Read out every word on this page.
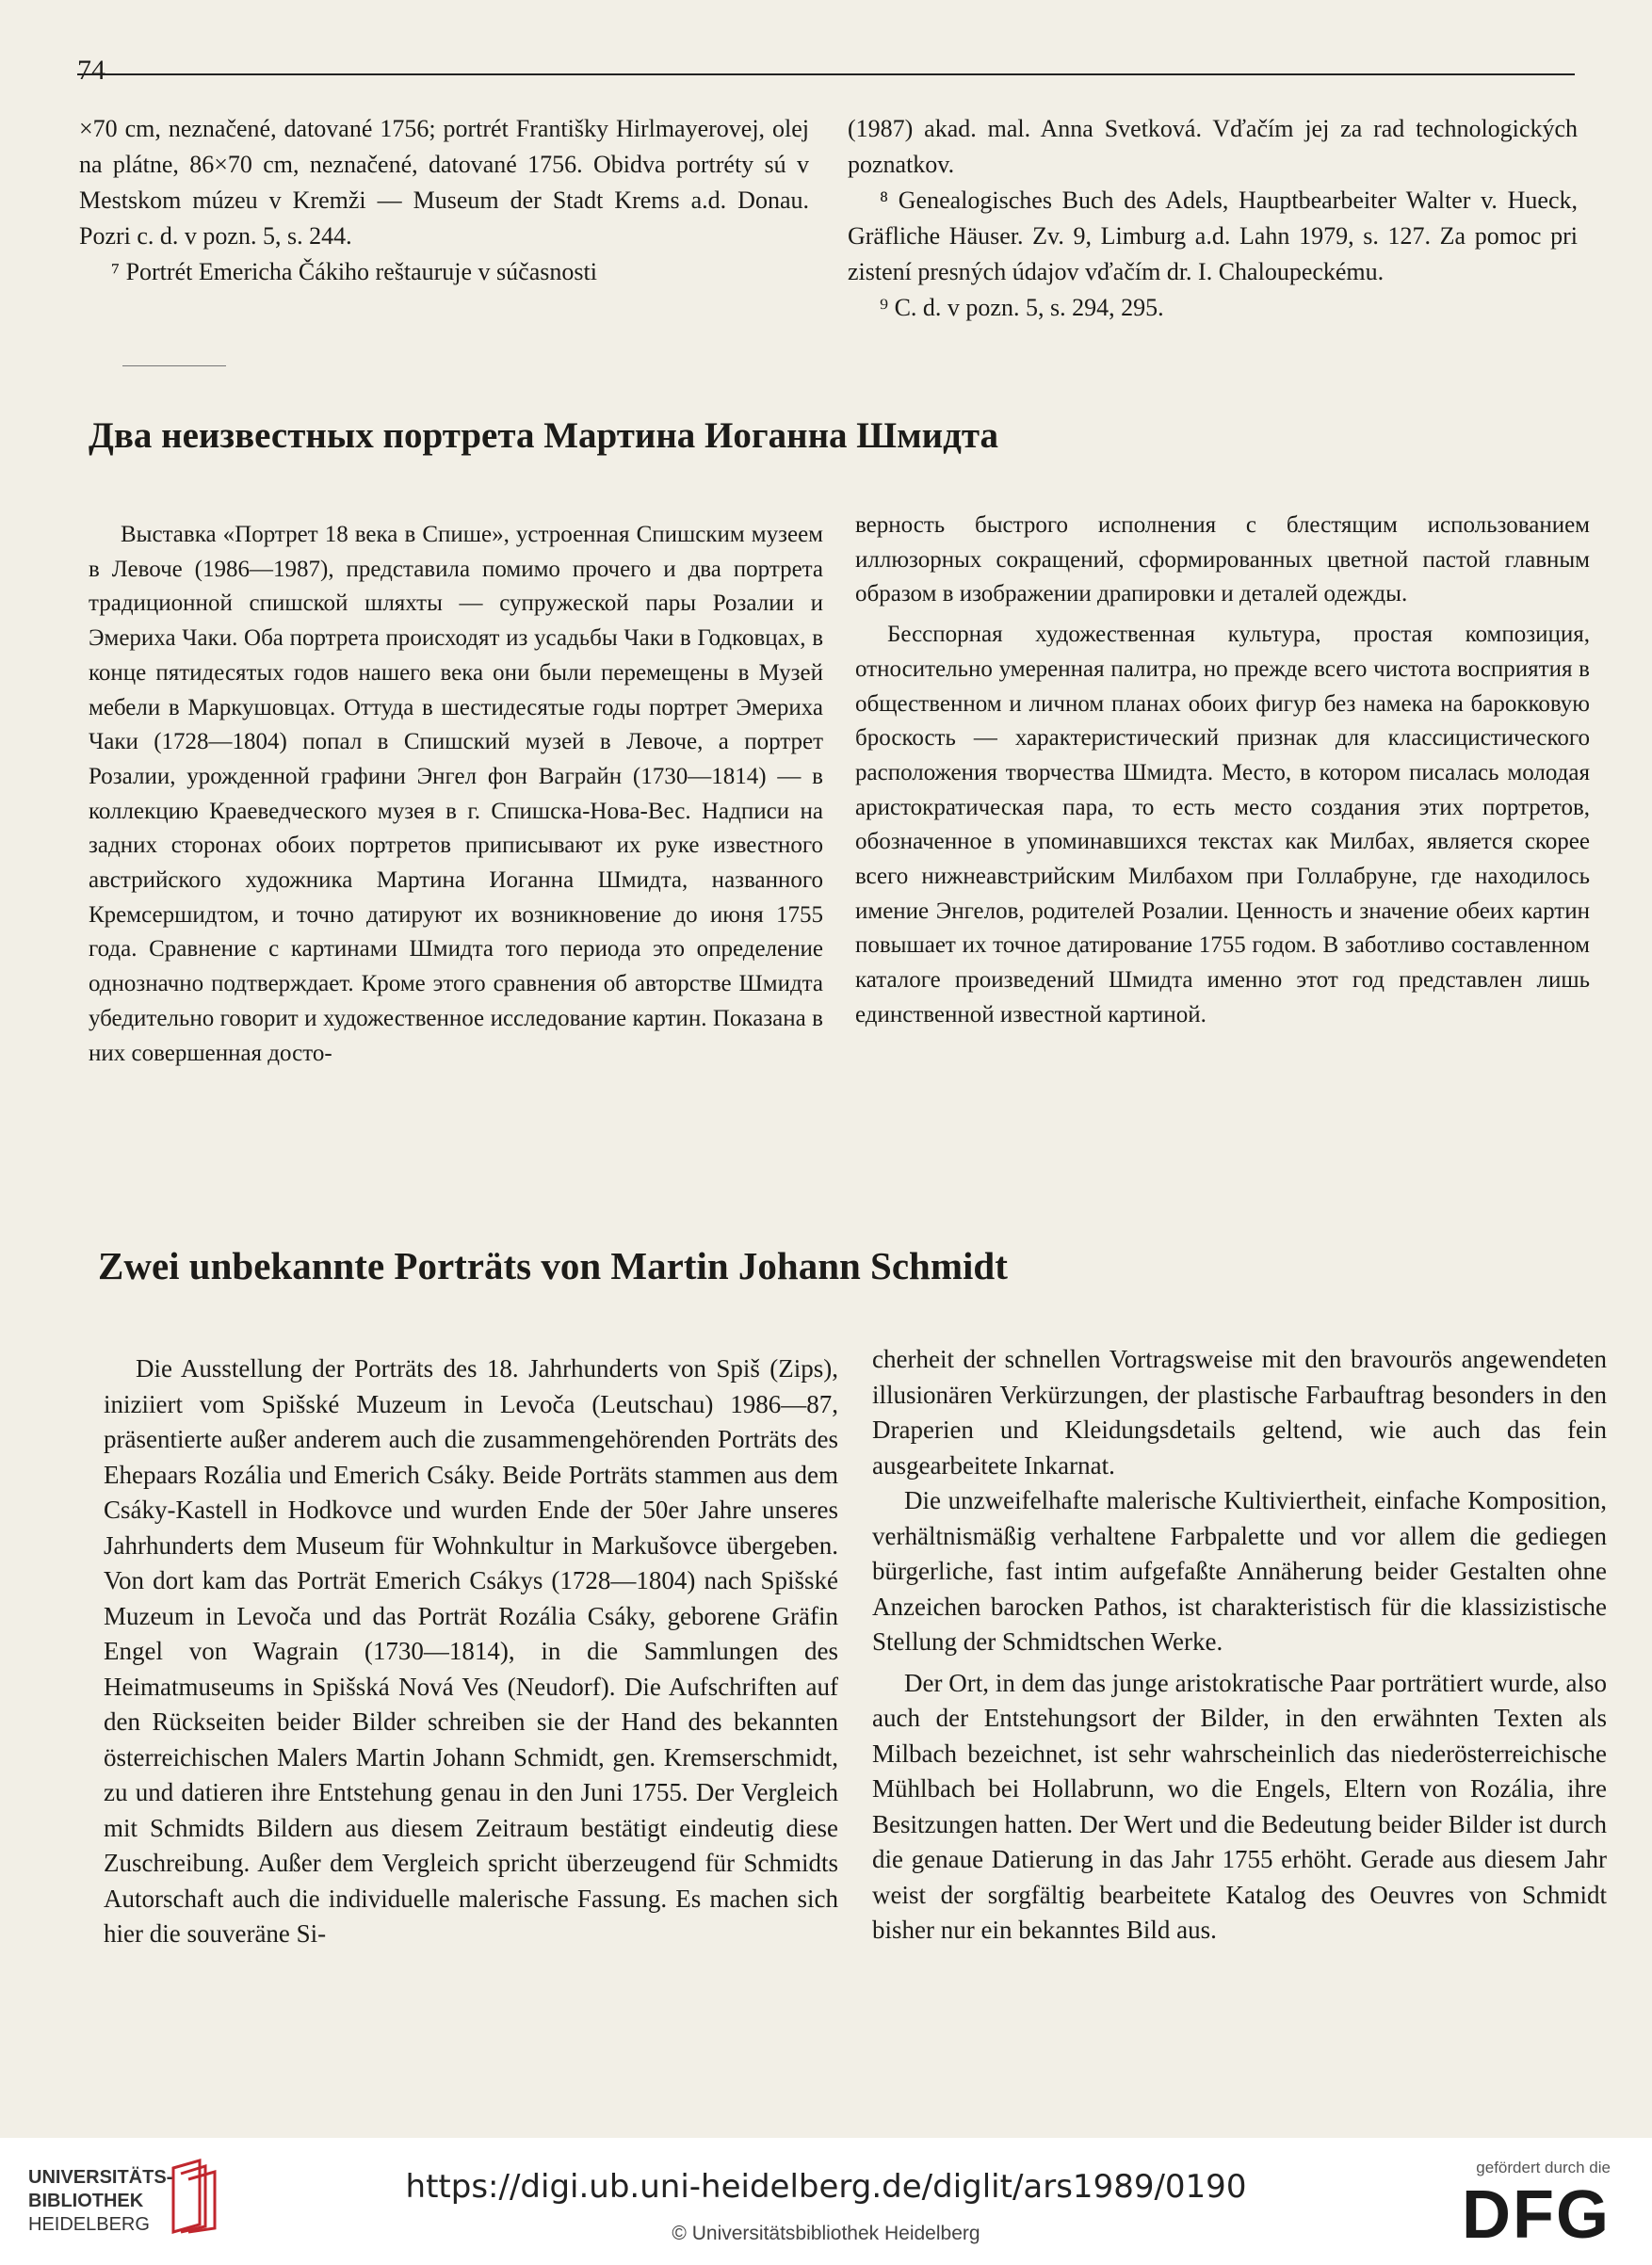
74

×70 cm, neznačené, datované 1756; portrét Františky Hirlmayerovej, olej na plátne, 86×70 cm, neznačené, datované 1756. Obidva portréty sú v Mestskom múzeu v Kremži — Museum der Stadt Krems a.d. Donau. Pozri c. d. v pozn. 5, s. 244.

⁷ Portrét Emericha Čákiho reštauruje v súčasnosti

(1987) akad. mal. Anna Svetková. Vďačím jej za rad technologických poznatkov.

⁸ Genealogisches Buch des Adels, Hauptbearbeiter Walter v. Hueck, Gräfliche Häuser. Zv. 9, Limburg a.d. Lahn 1979, s. 127. Za pomoc pri zistení presných údajov vďačím dr. I. Chaloupeckému.

⁹ C. d. v pozn. 5, s. 294, 295.

Два неизвестных портрета Мартина Иоганна Шмидта

Выставка «Портрет 18 века в Спише», устроенная Спишским музеем в Левоче (1986—1987), представила помимо прочего и два портрета традиционной спишской шляхты — супружеской пары Розалии и Эмериха Чаки. Оба портрета происходят из усадьбы Чаки в Годковцах, в конце пятидесятых годов нашего века они были перемещены в Музей мебели в Маркушовцах. Оттуда в шестидесятые годы портрет Эмериха Чаки (1728—1804) попал в Спишский музей в Левоче, а портрет Розалии, урожденной графини Энгел фон Ваграйн (1730—1814) — в коллекцию Краеведческого музея в г. Спишска-Нова-Вес. Надписи на задних сторонах обоих портретов приписывают их руке известного австрийского художника Мартина Иоганна Шмидта, названного Кремсершидтом, и точно датируют их возникновение до июня 1755 года. Сравнение с картинами Шмидта того периода это определение однозначно подтверждает. Кроме этого сравнения об авторстве Шмидта убедительно говорит и художественное исследование картин. Показана в них совершенная досто-

верность быстрого исполнения с блестящим использованием иллюзорных сокращений, сформированных цветной пастой главным образом в изображении драпировки и деталей одежды.

Бесспорная художественная культура, простая композиция, относительно умеренная палитра, но прежде всего чистота восприятия в общественном и личном планах обоих фигур без намека на барокковую броскость — характеристический признак для классицистического расположения творчества Шмидта. Место, в котором писалась молодая аристократическая пара, то есть место создания этих портретов, обозначенное в упоминавшихся текстах как Милбах, является скорее всего нижнеавстрийским Милбахом при Голлабруне, где находилось имение Энгелов, родителей Розалии. Ценность и значение обеих картин повышает их точное датирование 1755 годом. В заботливо составленном каталоге произведений Шмидта именно этот год представлен лишь единственной известной картиной.

Zwei unbekannte Porträts von Martin Johann Schmidt

Die Ausstellung der Porträts des 18. Jahrhunderts von Spiš (Zips), iniziiert vom Spišské Muzeum in Levoča (Leutschau) 1986—87, präsentierte außer anderem auch die zusammengehörenden Porträts des Ehepaars Rozália und Emerich Csáky. Beide Porträts stammen aus dem Csáky-Kastell in Hodkovce und wurden Ende der 50er Jahre unseres Jahrhunderts dem Museum für Wohnkultur in Markušovce übergeben. Von dort kam das Porträt Emerich Csákys (1728—1804) nach Spišské Muzeum in Levoča und das Porträt Rozália Csáky, geborene Gräfin Engel von Wagrain (1730—1814), in die Sammlungen des Heimatmuseums in Spišská Nová Ves (Neudorf). Die Aufschriften auf den Rückseiten beider Bilder schreiben sie der Hand des bekannten österreichischen Malers Martin Johann Schmidt, gen. Kremserschmidt, zu und datieren ihre Entstehung genau in den Juni 1755. Der Vergleich mit Schmidts Bildern aus diesem Zeitraum bestätigt eindeutig diese Zuschreibung. Außer dem Vergleich spricht überzeugend für Schmidts Autorschaft auch die individuelle malerische Fassung. Es machen sich hier die souveräne Si-

cherheit der schnellen Vortragsweise mit den bravourös angewendeten illusionären Verkürzungen, der plastische Farbauftrag besonders in den Draperien und Kleidungsdetails geltend, wie auch das fein ausgearbeitete Inkarnat.

Die unzweifelhafte malerische Kultiviertheit, einfache Komposition, verhältnismäßig verhaltene Farbpalette und vor allem die gediegen bürgerliche, fast intim aufgefaßte Annäherung beider Gestalten ohne Anzeichen barocken Pathos, ist charakteristisch für die klassizistische Stellung der Schmidtschen Werke.

Der Ort, in dem das junge aristokratische Paar porträtiert wurde, also auch der Entstehungsort der Bilder, in den erwähnten Texten als Milbach bezeichnet, ist sehr wahrscheinlich das niederösterreichische Mühlbach bei Hollabrunn, wo die Engels, Eltern von Rozália, ihre Besitzungen hatten. Der Wert und die Bedeutung beider Bilder ist durch die genaue Datierung in das Jahr 1755 erhöht. Gerade aus diesem Jahr weist der sorgfältig bearbeitete Katalog des Oeuvres von Schmidt bisher nur ein bekanntes Bild aus.

UNIVERSITÄTS-
BIBLIOTHEK
HEIDELBERG
https://digi.ub.uni-heidelberg.de/diglit/ars1989/0190
© Universitätsbibliothek Heidelberg
gefördert durch die
DFG
